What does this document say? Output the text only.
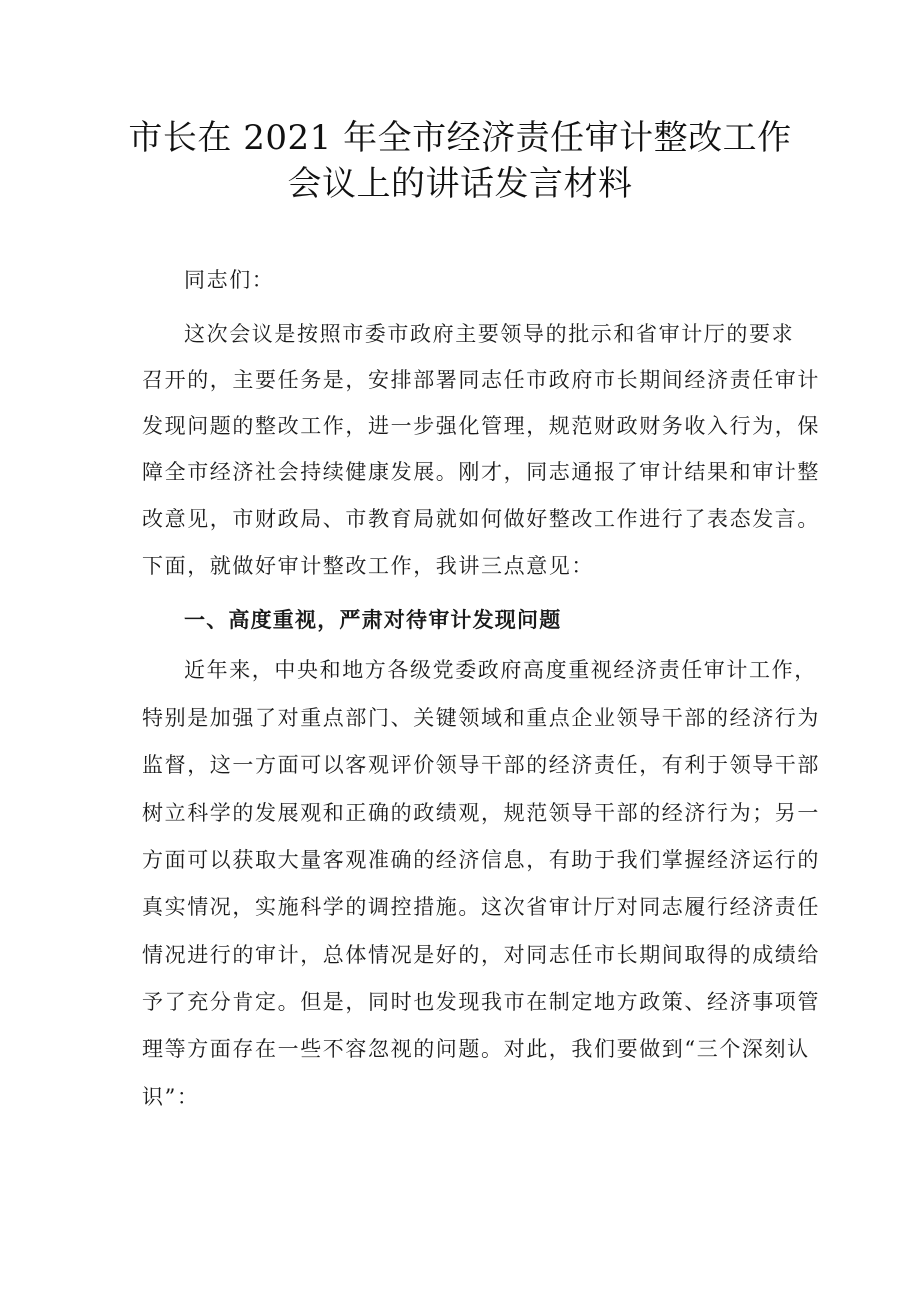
市长在 2021 年全市经济责任审计整改工作
会议上的讲话发言材料
同志们：
这次会议是按照市委市政府主要领导的批示和省审计厅的要求
召开的，主要任务是，安排部署同志任市政府市长期间经济责任审计
发现问题的整改工作，进一步强化管理，规范财政财务收入行为，保
障全市经济社会持续健康发展。刚才，同志通报了审计结果和审计整
改意见，市财政局、市教育局就如何做好整改工作进行了表态发言。
下面，就做好审计整改工作，我讲三点意见：
一、高度重视，严肃对待审计发现问题
近年来，中央和地方各级党委政府高度重视经济责任审计工作，
特别是加强了对重点部门、关键领域和重点企业领导干部的经济行为
监督，这一方面可以客观评价领导干部的经济责任，有利于领导干部
树立科学的发展观和正确的政绩观，规范领导干部的经济行为；另一
方面可以获取大量客观准确的经济信息，有助于我们掌握经济运行的
真实情况，实施科学的调控措施。这次省审计厅对同志履行经济责任
情况进行的审计，总体情况是好的，对同志任市长期间取得的成绩给
予了充分肯定。但是，同时也发现我市在制定地方政策、经济事项管
理等方面存在一些不容忽视的问题。对此，我们要做到“三个深刻认
识”：
